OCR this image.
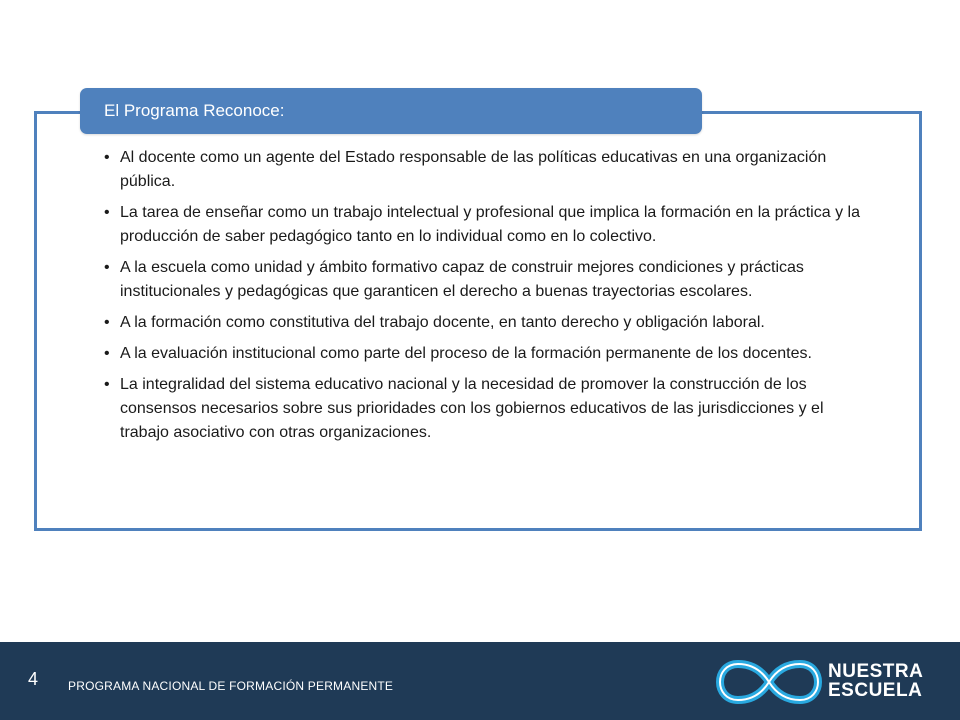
El Programa Reconoce:
• Al docente como un agente del Estado responsable de las políticas educativas en una organización pública.
• La tarea de enseñar como un trabajo intelectual y profesional que implica la formación en la práctica y la producción de saber pedagógico tanto en lo individual como en lo colectivo.
• A la escuela como unidad y ámbito formativo capaz de construir mejores condiciones y prácticas institucionales y pedagógicas que garanticen el derecho a buenas trayectorias escolares.
• A la formación como constitutiva del trabajo docente, en tanto derecho y obligación laboral.
• A la evaluación institucional como parte del proceso de la formación permanente de los docentes.
• La integralidad del sistema educativo nacional y la necesidad de promover la construcción de los consensos necesarios sobre sus prioridades con los gobiernos educativos de las jurisdicciones y el trabajo asociativo con otras organizaciones.
4 PROGRAMA NACIONAL DE FORMACIÓN PERMANENTE
NUESTRA
ESCUELA
